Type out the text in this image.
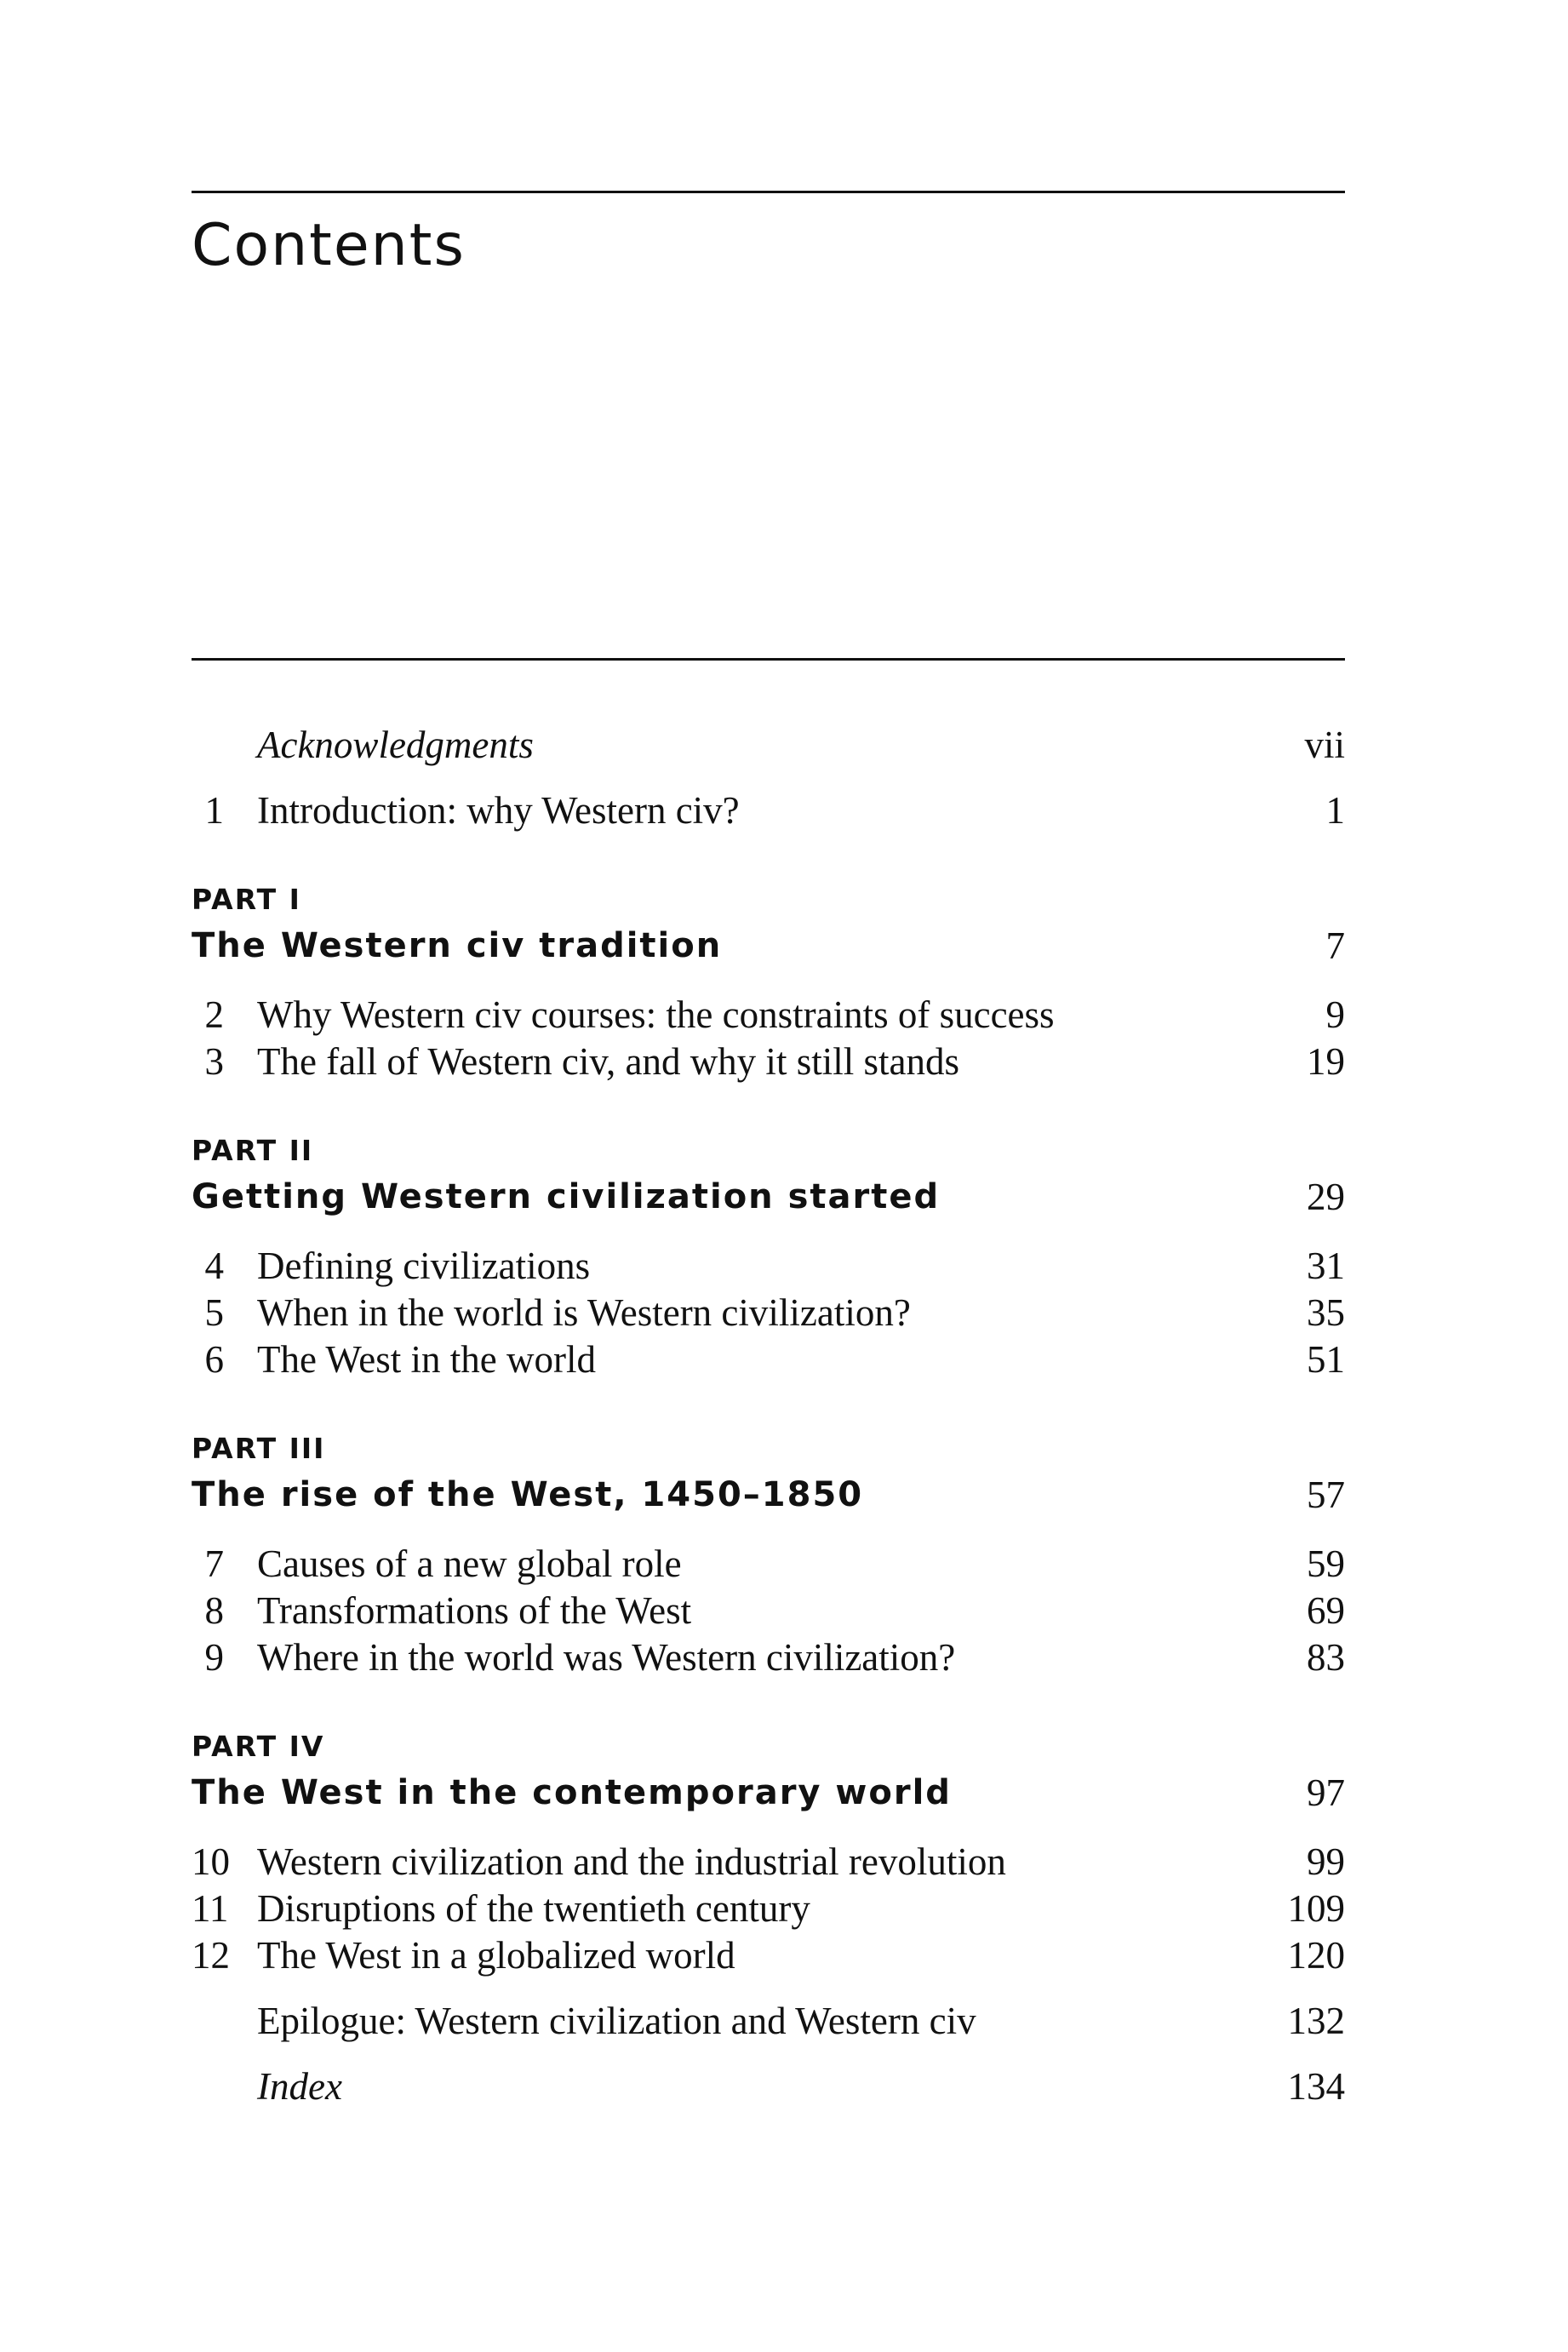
Contents
Acknowledgments	vii
1 Introduction: why Western civ?	1
PART I
The Western civ tradition	7
2 Why Western civ courses: the constraints of success	9
3 The fall of Western civ, and why it still stands	19
PART II
Getting Western civilization started	29
4 Defining civilizations	31
5 When in the world is Western civilization?	35
6 The West in the world	51
PART III
The rise of the West, 1450–1850	57
7 Causes of a new global role	59
8 Transformations of the West	69
9 Where in the world was Western civilization?	83
PART IV
The West in the contemporary world	97
10 Western civilization and the industrial revolution	99
11 Disruptions of the twentieth century	109
12 The West in a globalized world	120
Epilogue: Western civilization and Western civ	132
Index	134
